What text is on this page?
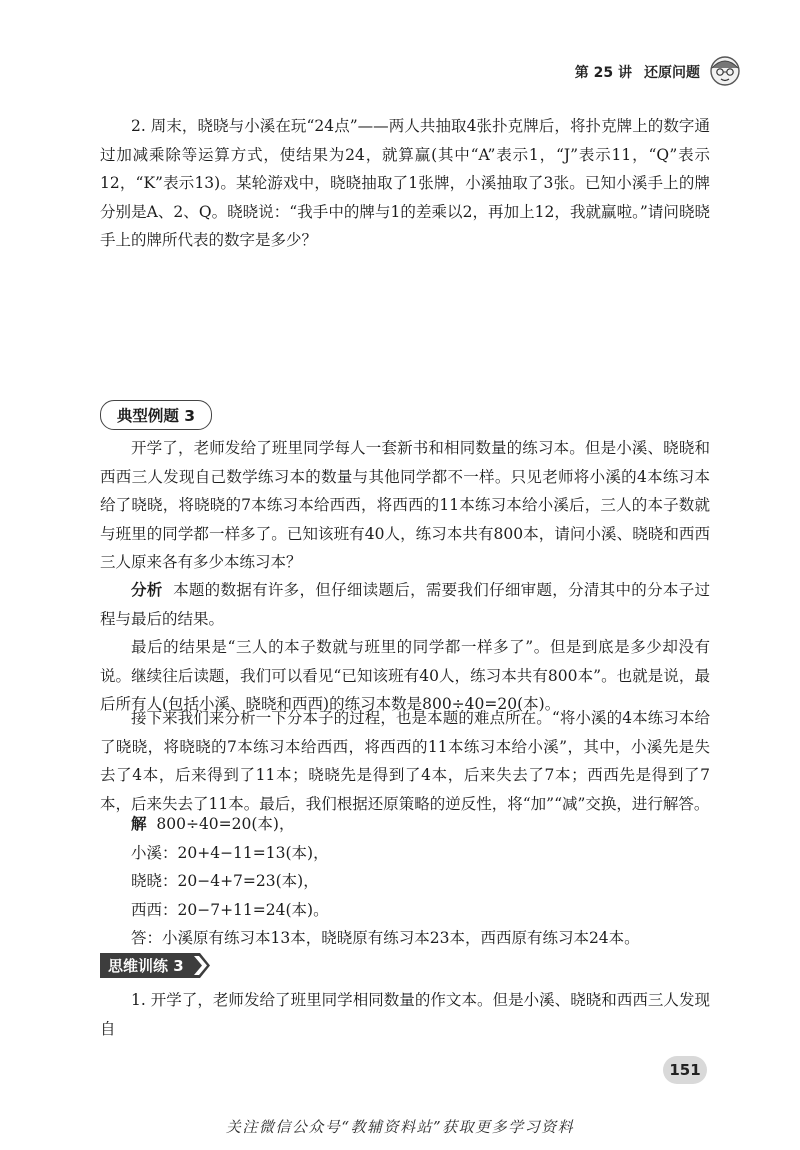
第 25 讲 还原问题
2. 周末，晓晓与小溪在玩“24点”——两人共抽取4张扑克牌后，将扑克牌上的数字通过加减乘除等运算方式，使结果为24，就算赢(其中“A”表示1，“J”表示11，“Q”表示12，“K”表示13)。某轮游戏中，晓晓抽取了1张牌，小溪抽取了3张。已知小溪手上的牌分别是A、2、Q。晓晓说：“我手中的牌与1的差乘以2，再加上12，我就赢啦。”请问晓晓手上的牌所代表的数字是多少？
典型例题 3
开学了，老师发给了班里同学每人一套新书和相同数量的练习本。但是小溪、晓晓和西西三人发现自己数学练习本的数量与其他同学都不一样。只见老师将小溪的4本练习本给了晓晓，将晓晓的7本练习本给西西，将西西的11本练习本给小溪后，三人的本子数就与班里的同学都一样多了。已知该班有40人，练习本共有800本，请问小溪、晓晓和西西三人原来各有多少本练习本？
分析 本题的数据有许多，但仔细读题后，需要我们仔细审题，分清其中的分本子过程与最后的结果。
最后的结果是“三人的本子数就与班里的同学都一样多了”。但是到底是多少却没有说。继续往后读题，我们可以看见“已知该班有40人，练习本共有800本”。也就是说，最后所有人(包括小溪、晓晓和西西)的练习本数是800÷40=20(本)。
接下来我们来分析一下分本子的过程，也是本题的难点所在。“将小溪的4本练习本给了晓晓，将晓晓的7本练习本给西西，将西西的11本练习本给小溪”，其中，小溪先是失去了4本，后来得到了11本；晓晓先是得到了4本，后来失去了7本；西西先是得到了7本，后来失去了11本。最后，我们根据还原策略的逆反性，将“加”“减”交换，进行解答。
解 800÷40=20(本)，
小溪：20+4−11=13(本)，
晓晓：20−4+7=23(本)，
西西：20−7+11=24(本)。
答：小溪原有练习本13本，晓晓原有练习本23本，西西原有练习本24本。
思维训练 3
1. 开学了，老师发给了班里同学相同数量的作文本。但是小溪、晓晓和西西三人发现自
151
关注微信公众号“教辅资料站”获取更多学习资料
